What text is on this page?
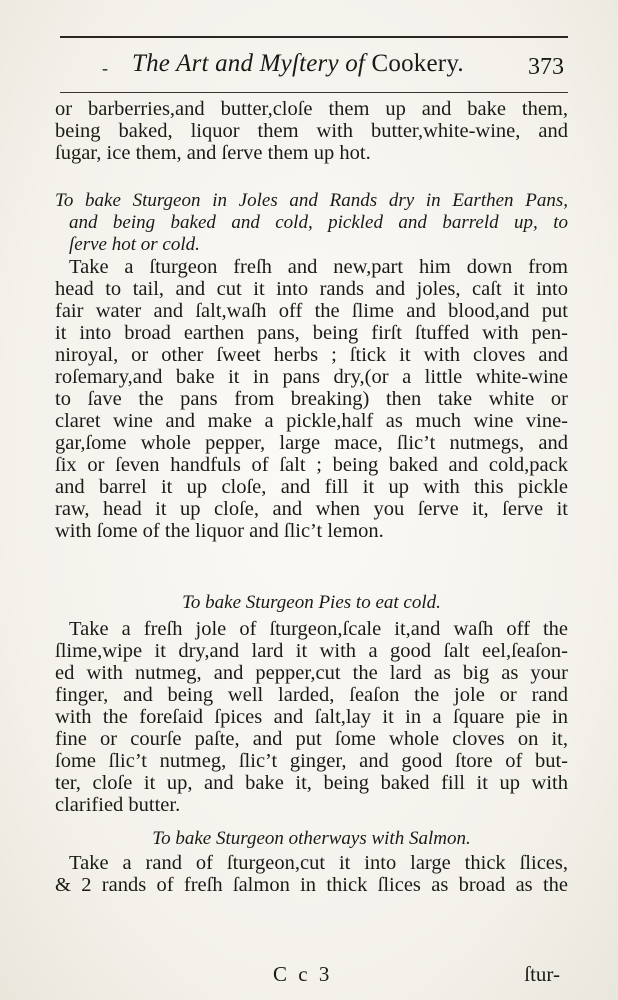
- The Art and Myſtery of Cookery.	373
or barberries,and butter,cloſe them up and bake them,
being baked, liquor them with butter,white-wine, and
ſugar, ice them, and ſerve them up hot.
To bake Sturgeon in Joles and Rands dry in Earthen Pans,
and being baked and cold, pickled and barreld up, to
ſerve hot or cold.
Take a ſturgeon freſh and new,part him down from
head to tail, and cut it into rands and joles, caſt it into
fair water and ſalt,waſh off the ſlime and blood,and put
it into broad earthen pans, being firſt ſtuffed with pen-
niroyal, or other ſweet herbs ; ſtick it with cloves and
roſemary,and bake it in pans dry,(or a little white-wine
to ſave the pans from breaking) then take white or
claret wine and make a pickle,half as much wine vine-
gar,ſome whole pepper, large mace, ſlic’t nutmegs, and
ſix or ſeven handfuls of ſalt ; being baked and cold,pack
and barrel it up cloſe, and fill it up with this pickle
raw, head it up cloſe, and when you ſerve it, ſerve it
with ſome of the liquor and ſlic’t lemon.
To bake Sturgeon Pies to eat cold.
Take a freſh jole of ſturgeon,ſcale it,and waſh off the
ſlime,wipe it dry,and lard it with a good ſalt eel,ſeaſon-
ed with nutmeg, and pepper,cut the lard as big as your
finger, and being well larded, ſeaſon the jole or rand
with the foreſaid ſpices and ſalt,lay it in a ſquare pie in
fine or courſe paſte, and put ſome whole cloves on it,
ſome ſlic’t nutmeg, ſlic’t ginger, and good ſtore of but-
ter, cloſe it up, and bake it, being baked fill it up with
clarified butter.
To bake Sturgeon otherways with Salmon.
Take a rand of ſturgeon,cut it into large thick ſlices,
& 2 rands of freſh ſalmon in thick ſlices as broad as the
C c 3	ſtur-
